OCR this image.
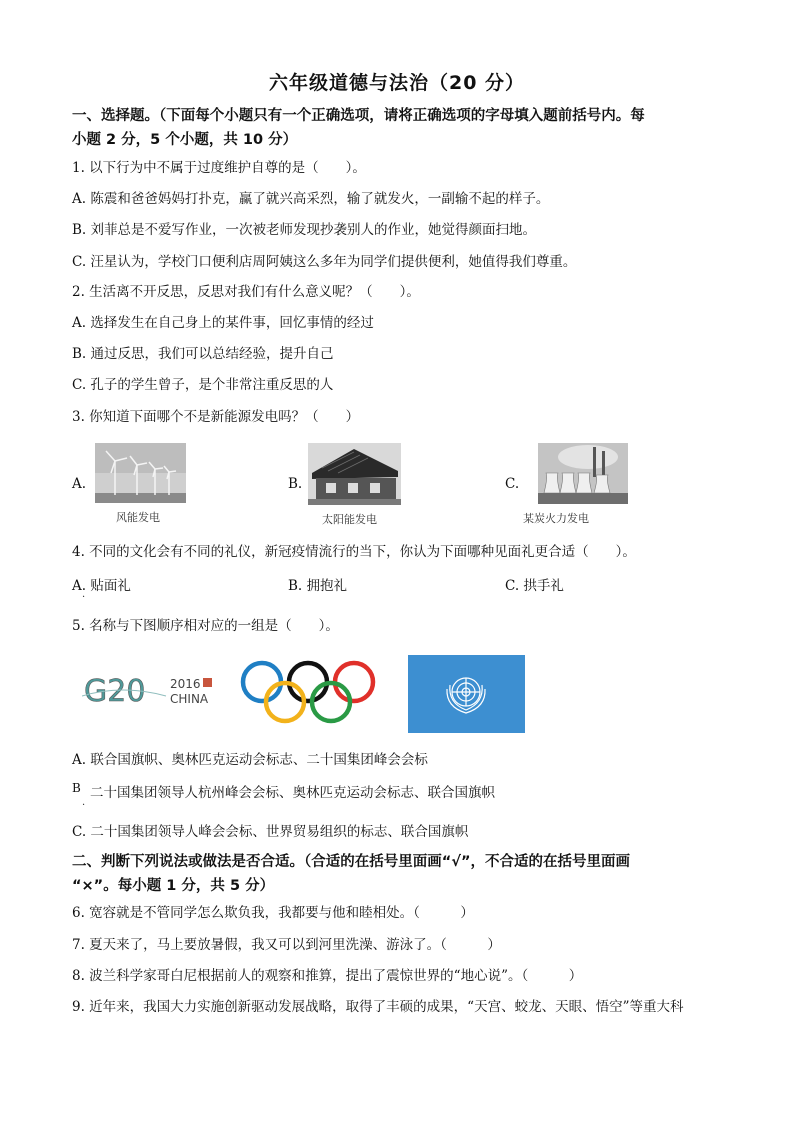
六年级道德与法治（20 分）
一、选择题。（下面每个小题只有一个正确选项，请将正确选项的字母填入题前括号内。每
小题 2 分，5 个小题，共 10 分）
1. 以下行为中不属于过度维护自尊的是（　　）。
A. 陈震和爸爸妈妈打扑克，赢了就兴高采烈，输了就发火，一副输不起的样子。
B. 刘菲总是不爱写作业，一次被老师发现抄袭别人的作业，她觉得颜面扫地。
C. 汪星认为，学校门口便利店周阿姨这么多年为同学们提供便利，她值得我们尊重。
2. 生活离不开反思，反思对我们有什么意义呢？（　　）。
A. 选择发生在自己身上的某件事，回忆事情的经过
B. 通过反思，我们可以总结经验，提升自己
C. 孔子的学生曾子，是个非常注重反思的人
3. 你知道下面哪个不是新能源发电吗？（　　）
A.
风能发电
B.
太阳能发电
C.
某炭火力发电
4. 不同的文化会有不同的礼仪，新冠疫情流行的当下，你认为下面哪种见面礼更合适（　　）。
A. 贴面礼	B. 拥抱礼	C. 拱手礼
·
5. 名称与下图顺序相对应的一组是（　　）。
G20 2016
CHINA
A. 联合国旗帜、奥林匹克运动会标志、二十国集团峰会会标
B 二十国集团领导人杭州峰会会标、奥林匹克运动会标志、联合国旗帜
·
C. 二十国集团领导人峰会会标、世界贸易组织的标志、联合国旗帜
二、判断下列说法或做法是否合适。（合适的在括号里面画“√”，不合适的在括号里面画
“×”。每小题 1 分，共 5 分）
6. 宽容就是不管同学怎么欺负我，我都要与他和睦相处。（　　　）
7. 夏天来了，马上要放暑假，我又可以到河里洗澡、游泳了。（　　　）
8. 波兰科学家哥白尼根据前人的观察和推算，提出了震惊世界的“地心说”。（　　　）
9. 近年来，我国大力实施创新驱动发展战略，取得了丰硕的成果，“天宫、蛟龙、天眼、悟空”等重大科
